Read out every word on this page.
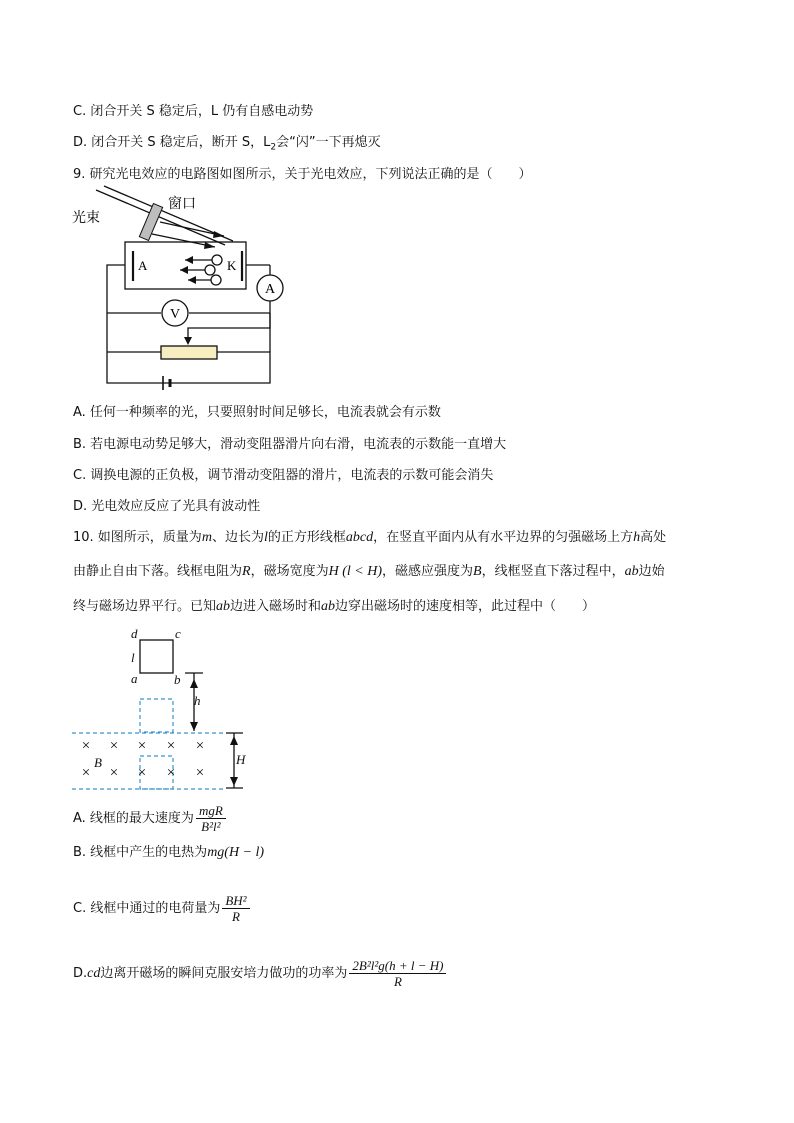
C. 闭合开关 S 稳定后，L 仍有自感电动势
D. 闭合开关 S 稳定后，断开 S，$L_2$会“闪”一下再熄灭
9. 研究光电效应的电路图如图所示，关于光电效应，下列说法正确的是（　　）
光束
窗口
A	K
A
V
A. 任何一种频率的光，只要照射时间足够长，电流表就会有示数
B. 若电源电动势足够大，滑动变阻器滑片向右滑，电流表的示数能一直增大
C. 调换电源的正负极，调节滑动变阻器的滑片，电流表的示数可能会消失
D. 光电效应反应了光具有波动性
10. 如图所示，质量为m、边长为l的正方形线框abcd，在竖直平面内从有水平边界的匀强磁场上方h高处
由静止自由下落。线框电阻为R，磁场宽度为H (l < H)，磁感应强度为B，线框竖直下落过程中，ab边始
终与磁场边界平行。已知ab边进入磁场时和ab边穿出磁场时的速度相等，此过程中（　　）
× × × × ×
× × × × ×
d	c
l
a	b
h
H
B
A. 线框的最大速度为 $\frac{\text{mgR}}{\text{B²l²}}$
B. 线框中产生的电热为mg(H − l)
C. 线框中通过的电荷量为 $\frac{\text{BH²}}{R}$
D.cd边离开磁场的瞬间克服安培力做功的功率为 $\frac{\text{2B²l²g(h + l − H)}}{R}$
